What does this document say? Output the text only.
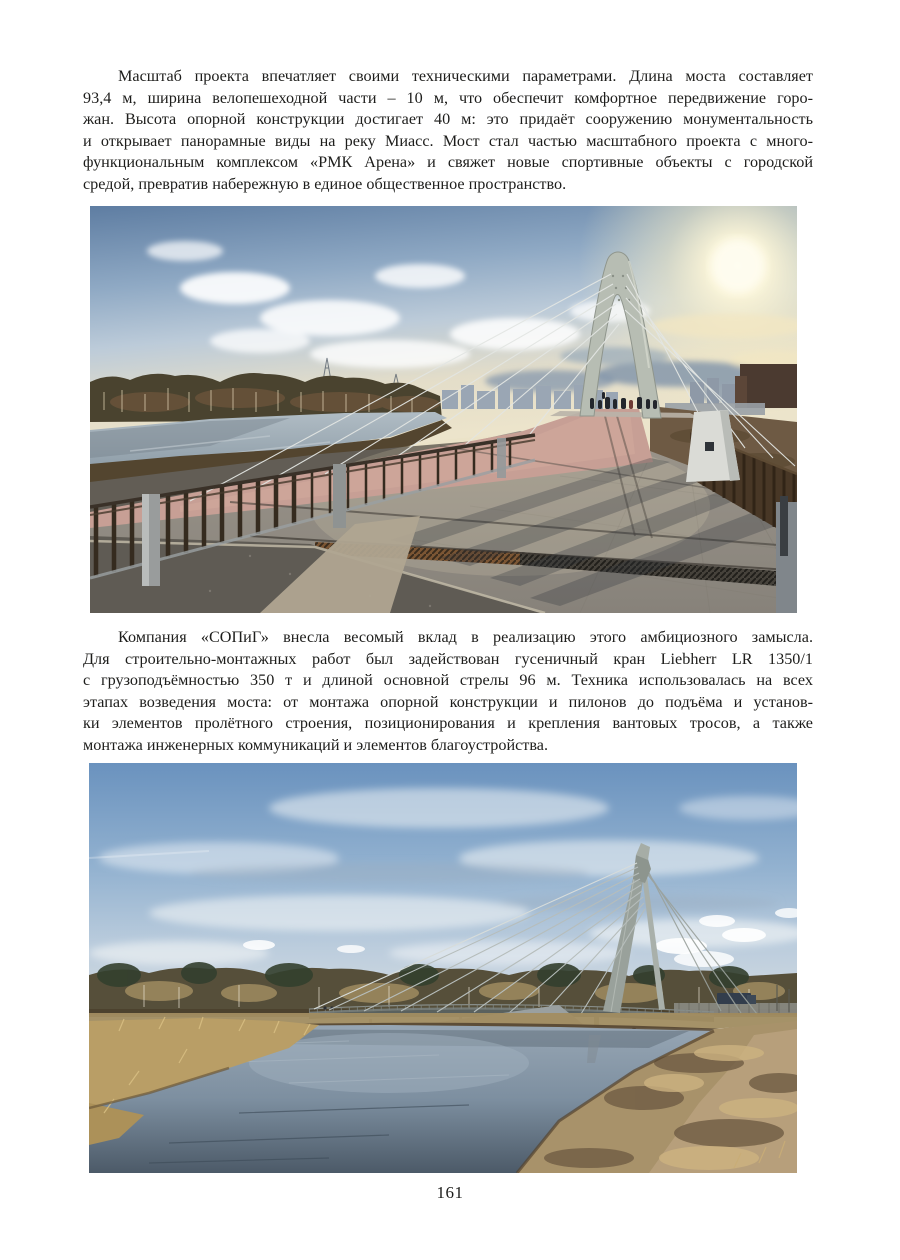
Масштаб проекта впечатляет своими техническими параметрами. Длина моста составляет
93,4 м, ширина велопешеходной части – 10 м, что обеспечит комфортное передвижение горо-
жан. Высота опорной конструкции достигает 40 м: это придаёт сооружению монументальность
и открывает панорамные виды на реку Миасс. Мост стал частью масштабного проекта с много-
функциональным комплексом «РМК Арена» и свяжет новые спортивные объекты с городской
средой, превратив набережную в единое общественное пространство.
Компания «СОПиГ» внесла весомый вклад в реализацию этого амбициозного замысла.
Для строительно-монтажных работ был задействован гусеничный кран Liebherr LR 1350/1
с грузоподъёмностью 350 т и длиной основной стрелы 96 м. Техника использовалась на всех
этапах возведения моста: от монтажа опорной конструкции и пилонов до подъёма и установ-
ки элементов пролётного строения, позиционирования и крепления вантовых тросов, а также
монтажа инженерных коммуникаций и элементов благоустройства.
161
